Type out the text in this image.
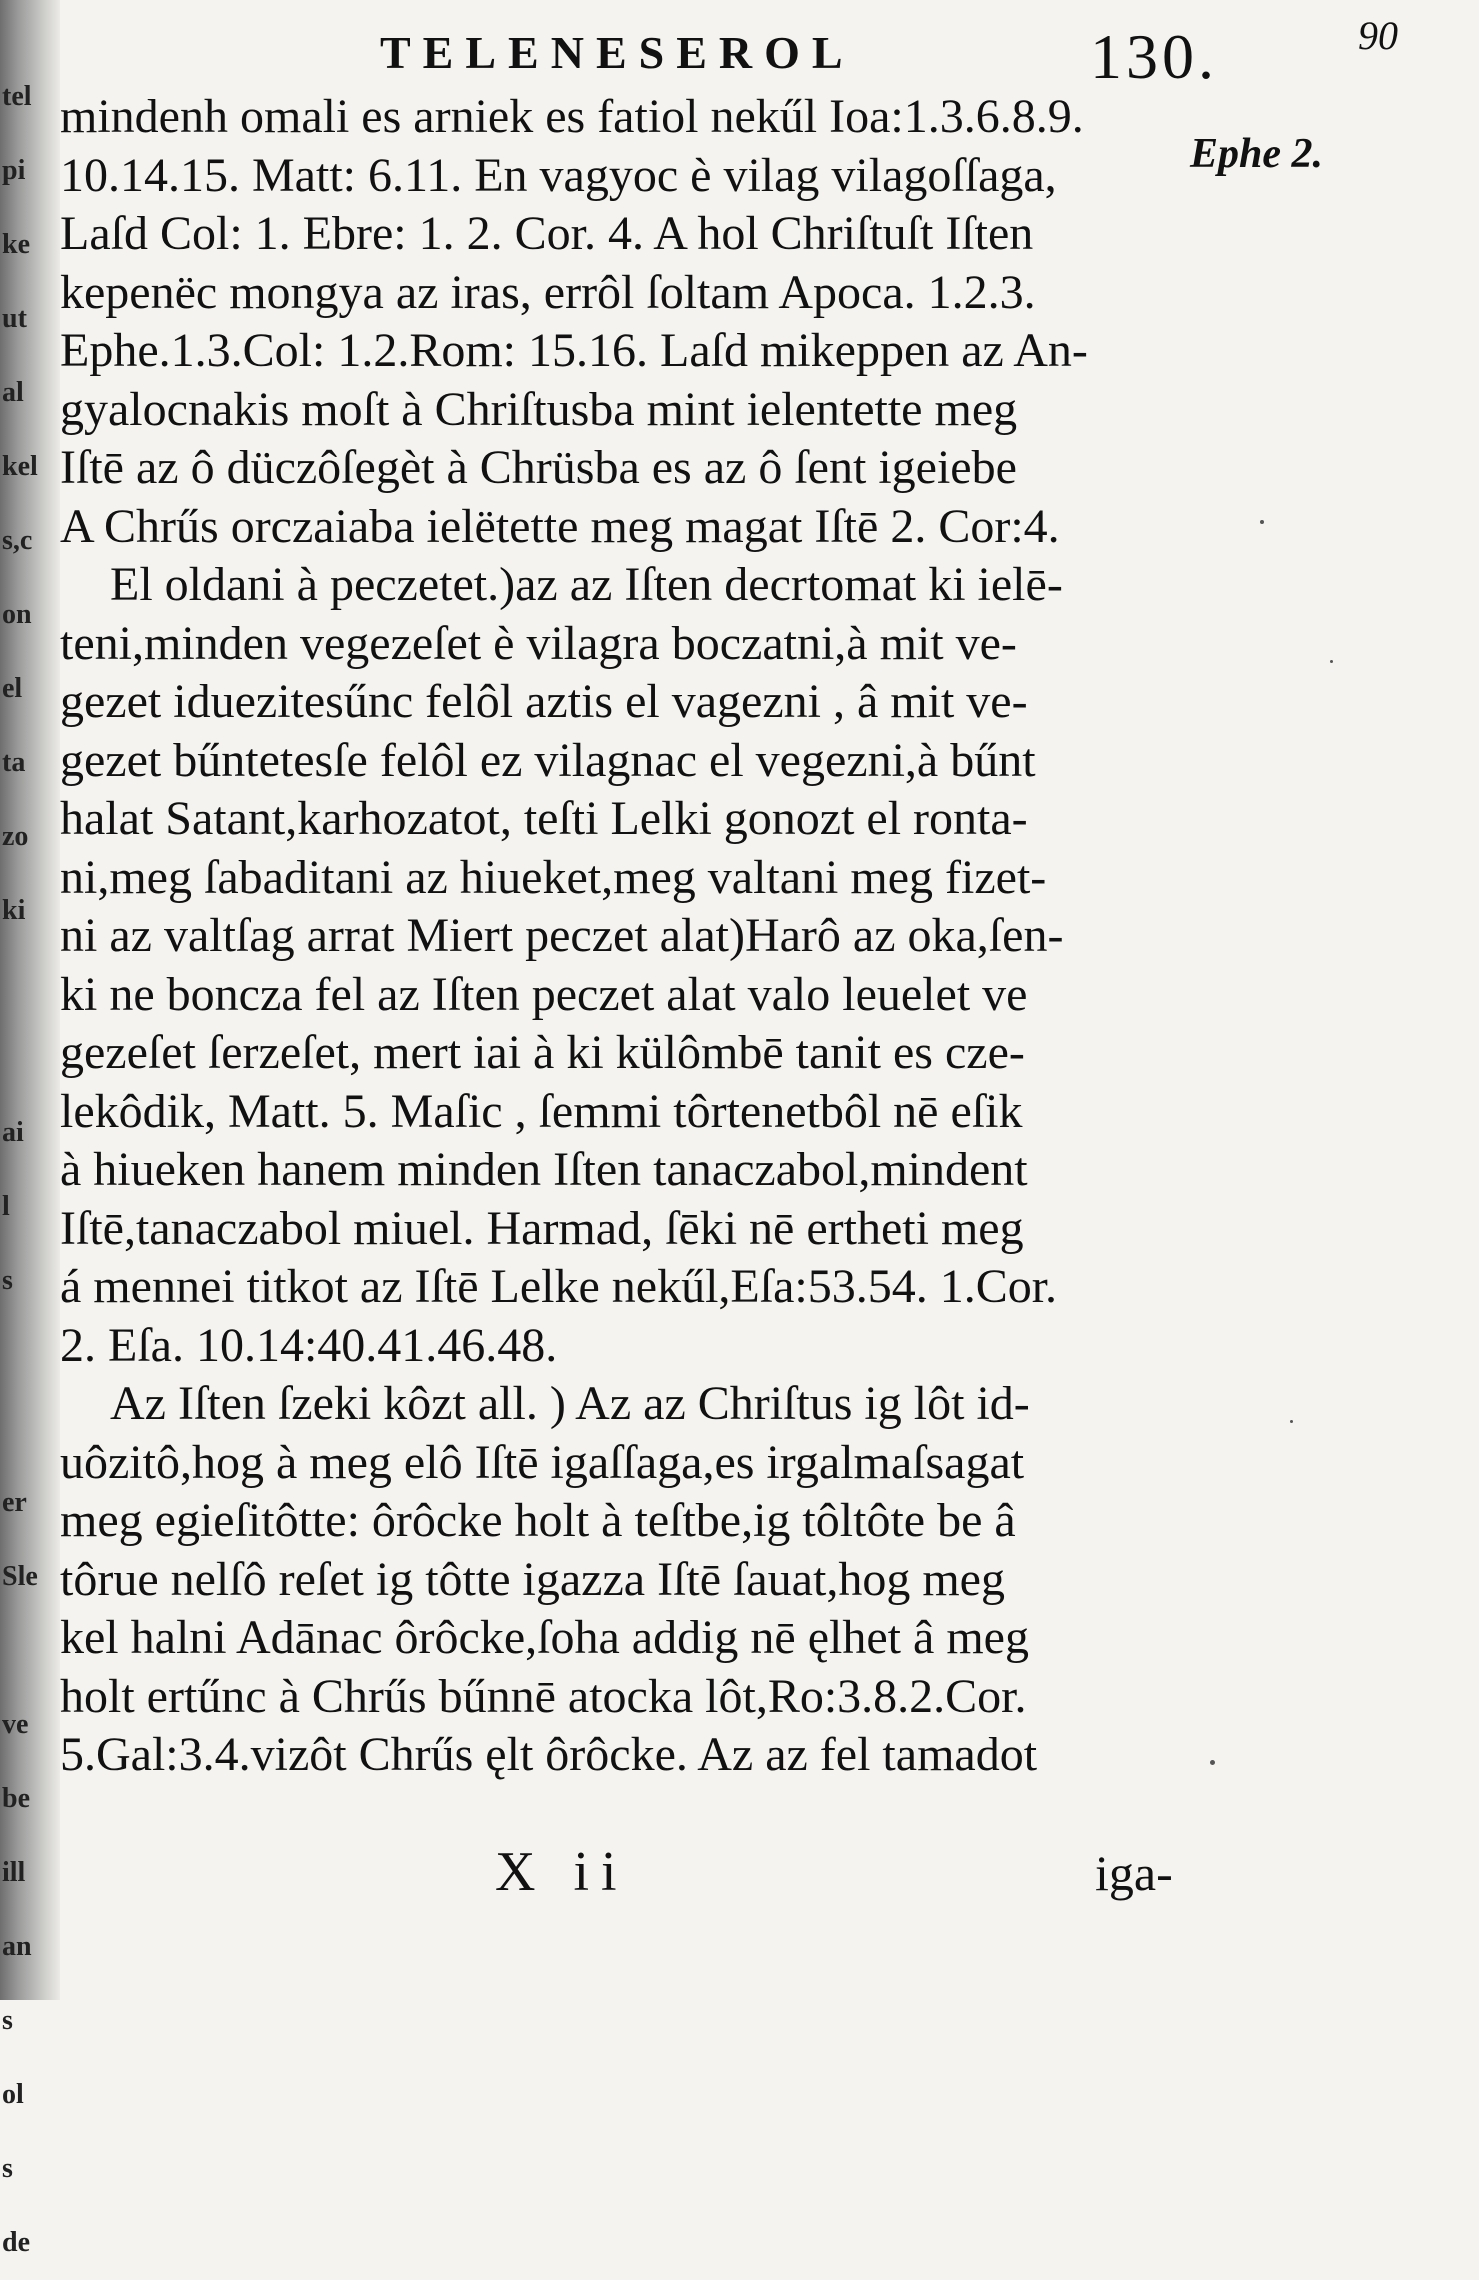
tel
pi
ke
ut
al
kel
s,c
on
el
ta
zo
ki
ai
l
s
er
Sle
ve
be
ill
an
s
ol
s
de
TELENESEROL	130.	90
Ephe 2.
mindenh omali es arniek es fatiol nekűl Ioa:1.3.6.8.9.
10.14.15. Matt: 6.11. En vagyoc è vilag vilagoſſaga,
Laſd Col: 1. Ebre: 1. 2. Cor. 4. A hol Chriſtuſt Iſten
kepenëc mongya az iras, errôl ſoltam Apoca. 1.2.3.
Ephe.1.3.Col: 1.2.Rom: 15.16. Laſd mikeppen az An-
gyalocnakis moſt à Chriſtusba mint ielentette meg
Iſtē az ô düczôſegèt à Chrüsba es az ô ſent igeiebe
A Chrűs orczaiaba ielëtette meg magat Iſtē 2. Cor:4.
El oldani à peczetet.)az az Iſten decrtomat ki ielē-
teni,minden vegezeſet è vilagra boczatni,à mit ve-
gezet iduezitesűnc felôl aztis el vagezni , â mit ve-
gezet bűntetesſe felôl ez vilagnac el vegezni,à bűnt
halat Satant,karhozatot, teſti Lelki gonozt el ronta-
ni,meg ſabaditani az hiueket,meg valtani meg fizet-
ni az valtſag arrat Miert peczet alat)Harô az oka,ſen-
ki ne boncza fel az Iſten peczet alat valo leuelet ve
gezeſet ſerzeſet, mert iai à ki külômbē tanit es cze-
lekôdik, Matt. 5. Maſic , ſemmi tôrtenetbôl nē eſik
à hiueken hanem minden Iſten tanaczabol,mindent
Iſtē,tanaczabol miuel. Harmad, ſēki nē ertheti meg
á mennei titkot az Iſtē Lelke nekűl,Eſa:53.54. 1.Cor.
2. Eſa. 10.14:40.41.46.48.
Az Iſten ſzeki kôzt all. ) Az az Chriſtus ig lôt id-
uôzitô,hog à meg elô Iſtē igaſſaga,es irgalmaſsagat
meg egieſitôtte: ôrôcke holt à teſtbe,ig tôltôte be â
tôrue nelſô reſet ig tôtte igazza Iſtē ſauat,hog meg
kel halni Adānac ôrôcke,ſoha addig nē ęlhet â meg
holt ertűnc à Chrűs bűnnē atocka lôt,Ro:3.8.2.Cor.
5.Gal:3.4.vizôt Chrűs ęlt ôrôcke. Az az fel tamadot
X ii	iga-
